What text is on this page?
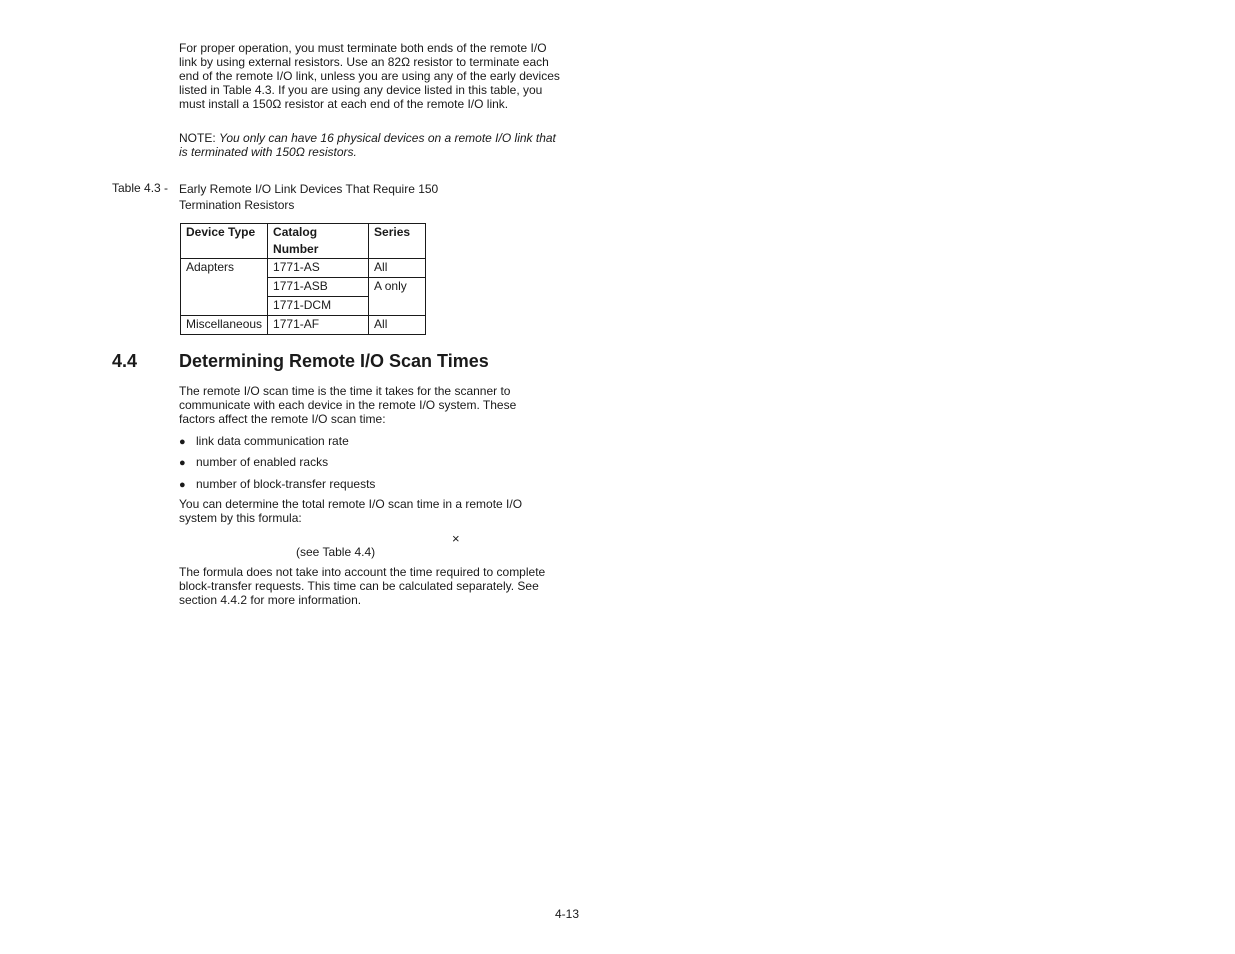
For proper operation, you must terminate both ends of the remote I/O link by using external resistors. Use an 82Ω resistor to terminate each end of the remote I/O link, unless you are using any of the early devices listed in Table 4.3. If you are using any device listed in this table, you must install a 150Ω resistor at each end of the remote I/O link.

NOTE: You only can have 16 physical devices on a remote I/O link that is terminated with 150Ω resistors.

Table 4.3 - Early Remote I/O Link Devices That Require 150 Termination Resistors
Device Type	Catalog Number	Series
Adapters	1771-AS	All
	1771-ASB	A only
	1771-DCM	
Miscellaneous	1771-AF	All
4.4 Determining Remote I/O Scan Times

The remote I/O scan time is the time it takes for the scanner to communicate with each device in the remote I/O system. These factors affect the remote I/O scan time:

● link data communication rate
● number of enabled racks
● number of block-transfer requests

You can determine the total remote I/O scan time in a remote I/O system by this formula:

×
(see Table 4.4)

The formula does not take into account the time required to complete block-transfer requests. This time can be calculated separately. See section 4.4.2 for more information.

4-13
